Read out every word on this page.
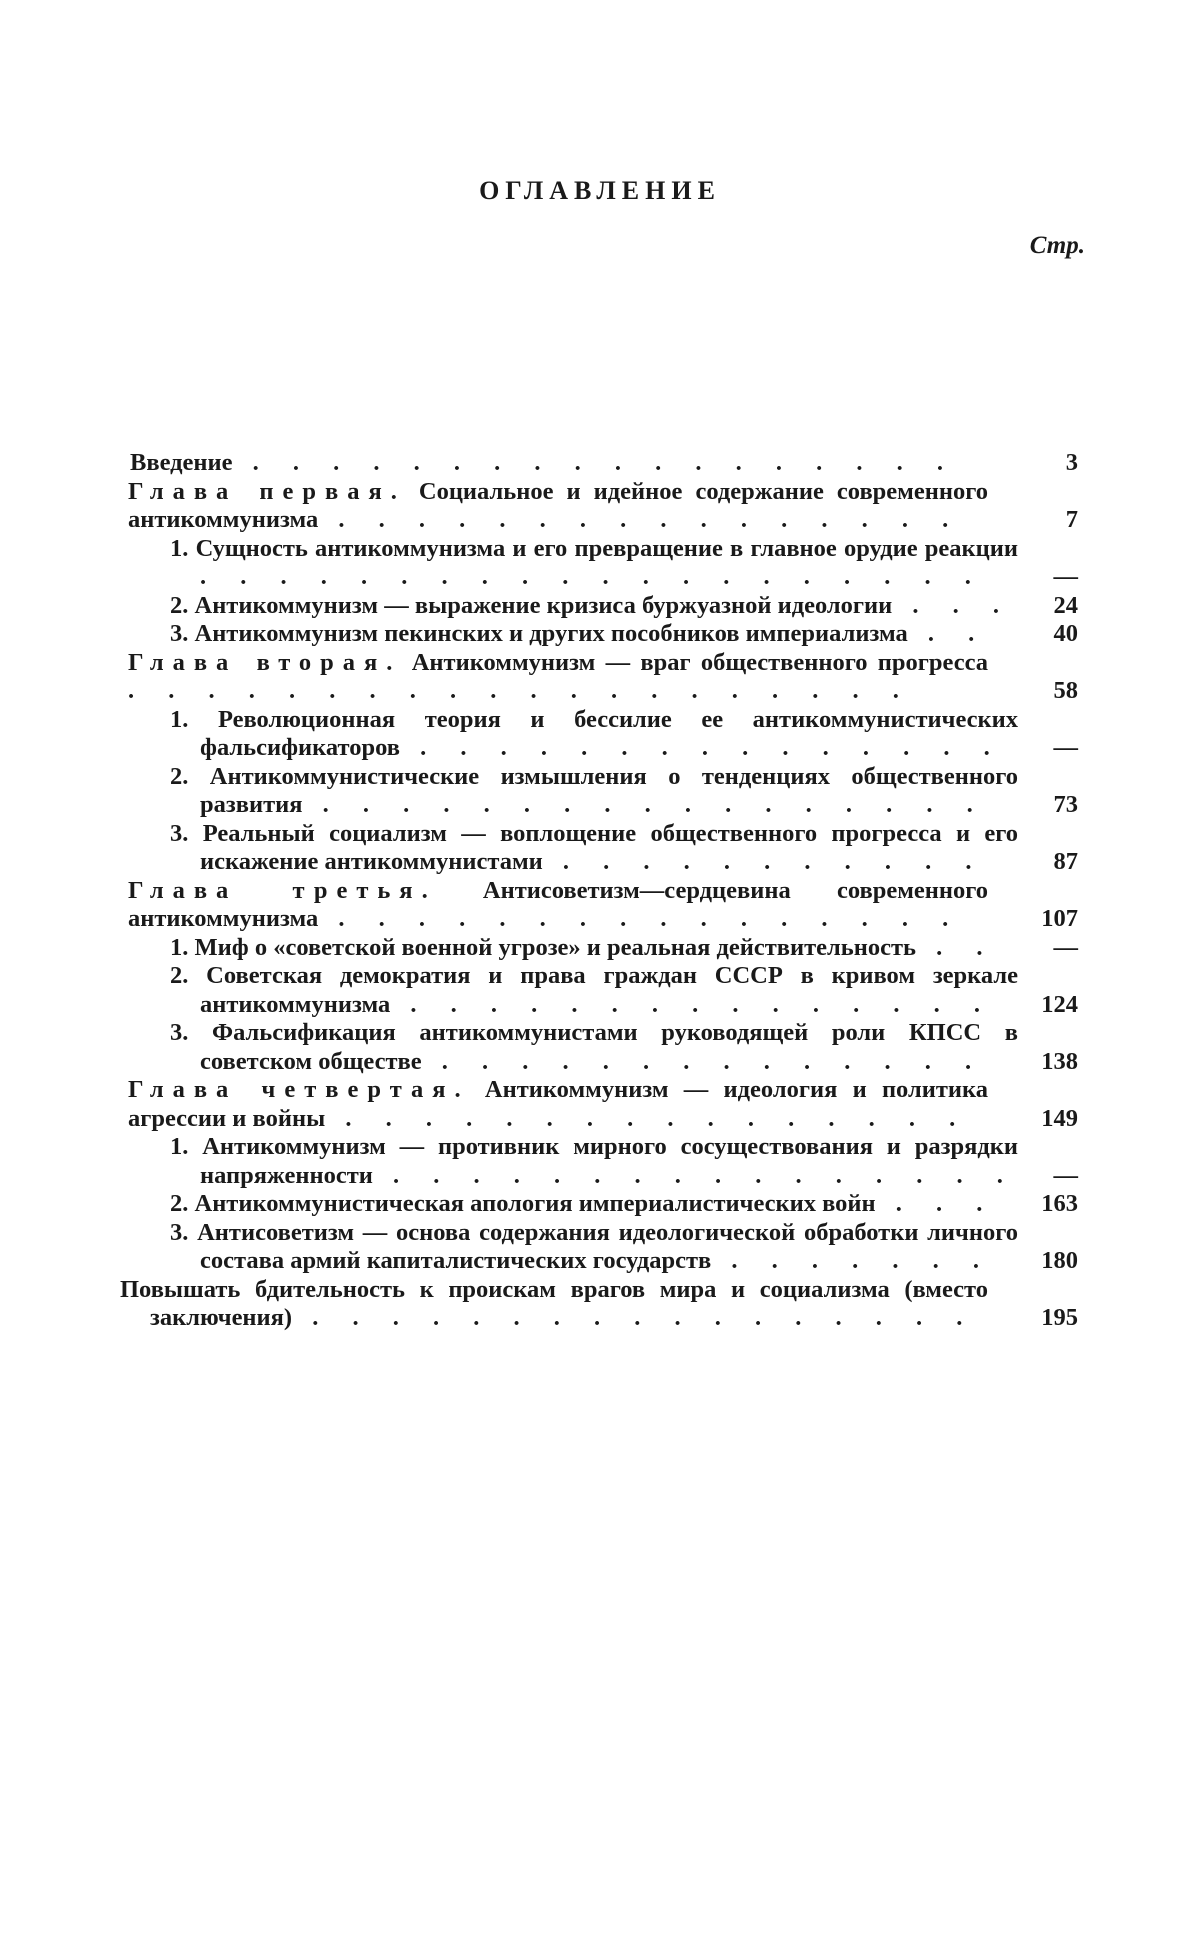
ОГЛАВЛЕНИЕ
Стр.
Введение . . . . . . . . . . . . . . . . . .	3
Глава первая. Социальное и идейное содержание современного антикоммунизма . . . . . . . . . . . . . . . .	7
1. Сущность антикоммунизма и его превращение в главное орудие реакции . . . . . . . . . . . . . . . . . . . .	—
2. Антикоммунизм — выражение кризиса буржуазной идеологии . . .	24
3. Антикоммунизм пекинских и других пособников империализма . .	40
Глава вторая. Антикоммунизм — враг общественного прогресса . . . . . . . . . . . . . . . . . . . .	58
1. Революционная теория и бессилие ее антикоммунистических фальсификаторов . . . . . . . . . . . . . . .	—
2. Антикоммунистические измышления о тенденциях общественного развития . . . . . . . . . . . . . . . . .	73
3. Реальный социализм — воплощение общественного прогресса и его искажение антикоммунистами . . . . . . . . . . .	87
Глава третья. Антисоветизм—сердцевина современного антикоммунизма . . . . . . . . . . . . . . . .	107
1. Миф о «советской военной угрозе» и реальная действительность . .	—
2. Советская демократия и права граждан СССР в кривом зеркале антикоммунизма . . . . . . . . . . . . . . .	124
3. Фальсификация антикоммунистами руководящей роли КПСС в советском обществе . . . . . . . . . . . . . .	138
Глава четвертая. Антикоммунизм — идеология и политика агрессии и войны . . . . . . . . . . . . . . . .	149
1. Антикоммунизм — противник мирного сосуществования и разрядки напряженности . . . . . . . . . . . . . . . .	—
2. Антикоммунистическая апология империалистических войн . . .	163
3. Антисоветизм — основа содержания идеологической обработки личного состава армий капиталистических государств . . . . . . .	180
Повышать бдительность к проискам врагов мира и социализма (вместо заключения) . . . . . . . . . . . . . . . . .	195
